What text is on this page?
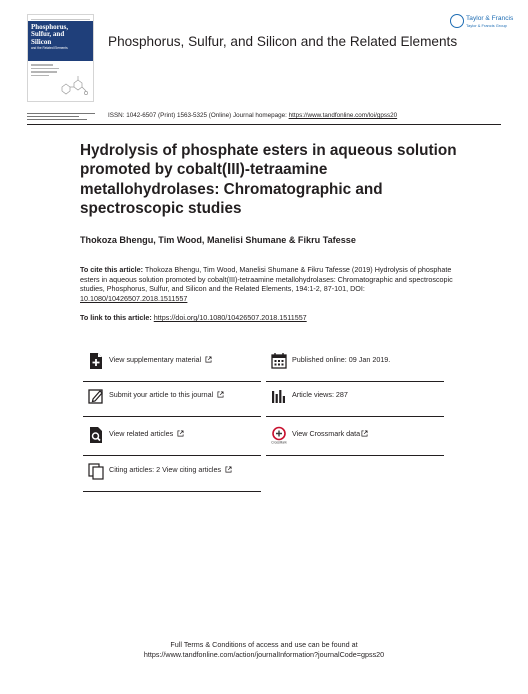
Phosphorus,
Sulfur, and
Silicon
and the Related Elements	Phosphorus, Sulfur, and Silicon and the Related Elements
Taylor & Francis
Taylor & Francis Group
ISSN: 1042-6507 (Print) 1563-5325 (Online) Journal homepage: https://www.tandfonline.com/loi/gpss20
Hydrolysis of phosphate esters in aqueous solution promoted by cobalt(III)-tetraamine metallohydrolases: Chromatographic and spectroscopic studies
Thokoza Bhengu, Tim Wood, Manelisi Shumane & Fikru Tafesse
To cite this article: Thokoza Bhengu, Tim Wood, Manelisi Shumane & Fikru Tafesse (2019) Hydrolysis of phosphate esters in aqueous solution promoted by cobalt(III)-tetraamine metallohydrolases: Chromatographic and spectroscopic studies, Phosphorus, Sulfur, and Silicon and the Related Elements, 194:1-2, 87-101, DOI: 10.1080/10426507.2018.1511557
To link to this article: https://doi.org/10.1080/10426507.2018.1511557
View supplementary material
Submit your article to this journal
View related articles
Citing articles: 2 View citing articles
Published online: 09 Jan 2019.
Article views: 287
CrossMark
View Crossmark data
Full Terms & Conditions of access and use can be found at
https://www.tandfonline.com/action/journalInformation?journalCode=gpss20
